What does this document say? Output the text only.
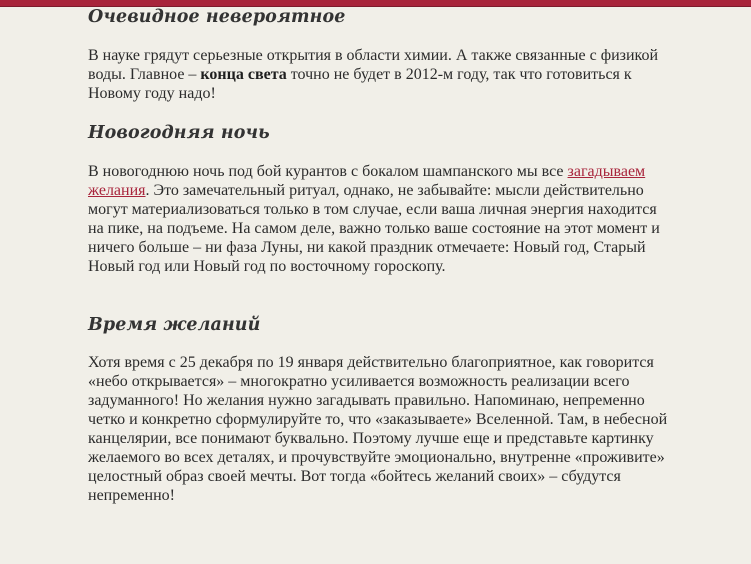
Очевидное невероятное

В науке грядут серьезные открытия в области химии. А также связанные с физикой воды. Главное – конца света точно не будет в 2012-м году, так что готовиться к Новому году надо!

Новогодняя ночь

В новогоднюю ночь под бой курантов с бокалом шампанского мы все загадываем желания. Это замечательный ритуал, однако, не забывайте: мысли действительно могут материализоваться только в том случае, если ваша личная энергия находится на пике, на подъеме. На самом деле, важно только ваше состояние на этот момент и ничего больше – ни фаза Луны, ни какой праздник отмечаете: Новый год, Старый Новый год или Новый год по восточному гороскопу.

Время желаний

Хотя время с 25 декабря по 19 января действительно благоприятное, как говорится «небо открывается» – многократно усиливается возможность реализации всего задуманного! Но желания нужно загадывать правильно. Напоминаю, непременно четко и конкретно сформулируйте то, что «заказываете» Вселенной. Там, в небесной канцелярии, все понимают буквально. Поэтому лучше еще и представьте картинку желаемого во всех деталях, и прочувствуйте эмоционально, внутренне «проживите» целостный образ своей мечты. Вот тогда «бойтесь желаний своих» – сбудутся непременно!
